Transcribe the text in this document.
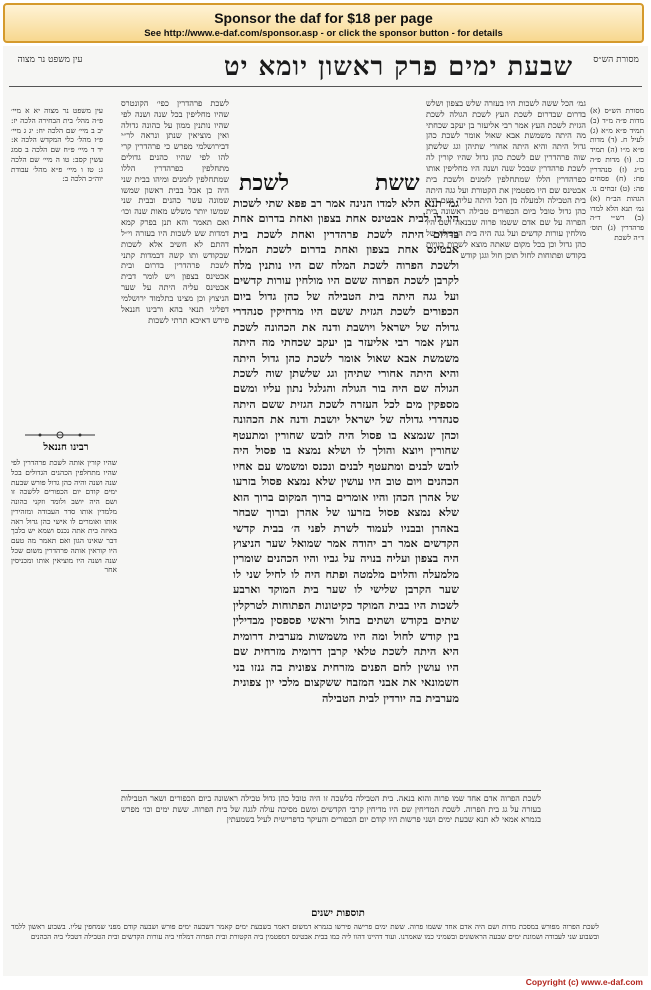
Sponsor the daf for $18 per page
See http://www.e-daf.com/sponsor.asp - or click the sponsor button - for details
שבעת ימים פרק ראשון יומא יט מסורת הש״ס
עין משפט נר מצוה
מסורת הש״ס (א) מדות פ״ה מ״ד (ב) תמיד פ״א מ״א (ג) לעיל ח. (ד) מדות פ״א מ״ו (ה) תמיד כז. (ו) מדות פ״ה מ״ג (ז) סנהדרין פח: (ח) פסחים פה: (ט) זבחים נו. הגהות הב״ח (א) גמ׳ תנא הלא למדו (ב) רש״י ד״ה פרהדרין (ג) תוס׳ ד״ה לשכת
גמ׳ הכל ששה לשכות היו בעזרה שלש בצפון ושלש בדרום שבדרום לשכת העץ לשכת הגולה לשכת הגזית לשכת העץ אמר רבי אליעזר בן יעקב שכחתי מה היתה משמשת אבא שאול אומר לשכת כהן גדול היתה והיא היתה אחורי שתיהן וגג שלשתן שוה פרהדרין שם לשכת כהן גדול שהיו קורין לה לשכת פרהדרין שבכל שנה ושנה היו מחליפין אותו כפרהדרין הללו שמתחלפין לזמנים ולשכת בית אבטינס שם היו מפטמין את הקטורת ועל גגה היתה בית הטבילה ולמעלה מן הכל היתה עליה ושם היה כהן גדול טובל ביום הכפורים טבילה ראשונה בית הפרוה על שם אדם ששמו פרוה שבנאה ושם היו מולחין עורות קדשים ועל גגה היה בית הטבילה של כהן גדול וכן בכל מקום שאתה מוצא לשכות בנויות בקודש ופתוחות לחול תוכן חול וגגן קודש
ששת
לשכת
גמ׳ תנא הלא למדו הנינה אמר רב פפא שתי לשכות היו לו לבית אבטינס אחת בצפון ואחת בדרום אחת בדרום היתה לשכת פרהדרין ואחת לשכת בית אבטינס אחת בצפון ואחת בדרום לשכת המלח ולשכת הפרוה לשכת המלח שם היו נותנין מלח לקרבן לשכת הפרוה ששם היו מולחין עורות קדשים ועל גגה היתה בית הטבילה של כהן גדול ביום הכפורים לשכת הגזית ששם היו מרחיקין סנהדרי גדולה של ישראל ויושבת ודנה את הכהונה לשכת העץ אמר רבי אליעזר בן יעקב שכחתי מה היתה משמשת אבא שאול אומר לשכת כהן גדול היתה והיא היתה אחורי שתיהן וגג שלשתן שוה לשכת הגולה שם היה בור הגולה והגלגל נתון עליו ומשם מספקין מים לכל העזרה לשכת הגזית ששם היתה סנהדרי גדולה של ישראל יושבת ודנה את הכהונה וכהן שנמצא בו פסול היה לובש שחורין ומתעטף שחורין ויוצא והולך לו ושלא נמצא בו פסול היה לובש לבנים ומתעטף לבנים ונכנס ומשמש עם אחיו הכהנים ויום טוב היו עושין שלא נמצא פסול בזרעו של אהרן הכהן והיו אומרים ברוך המקום ברוך הוא שלא נמצא פסול בזרעו של אהרן וברוך שבחר באהרן ובבניו לעמוד לשרת לפני ה׳ בבית קדשי הקדשים אמר רב יהודה אמר שמואל שער הניצוץ היה בצפון ועליה בנויה על גביו והיו הכהנים שומרין מלמעלה והלוים מלמטה ופתח היה לו לחיל שני לו שער הקרבן שלישי לו שער בית המוקד וארבע לשכות היו בבית המוקד כקיטונות הפתוחות לטרקלין שתים בקודש ושתים בחול וראשי פספסין מבדילין בין קודש לחול ומה היו משמשות מערבית דרומית היא היתה לשכת טלאי קרבן דרומית מזרחית שם היו עושין לחם הפנים מזרחית צפונית בה גנזו בני חשמונאי את אבני המזבח ששקצום מלכי יון צפונית מערבית בה יורדין לבית הטבילה
לשכת פרהדרין כפי׳ הקונטרס שהיו מחליפין בכל שנה ושנה לפי שהיו נותנין ממון על כהונה גדולה ואין מוציאין שנתן ונראה לר״י דבירושלמי מפרש כי פרהדרין קרי להו לפי שהיו כהנים גדולים מתחלפין כפרהדרין הללו שמתחלפין לזמנים ומיהו בבית שני היה כן אבל בבית ראשון שמשו שמונה עשר כהנים ובבית שני שמשו יותר משלש מאות שנה וכו׳ ואם תאמר והא תנן בפרק קמא דמדות שש לשכות היו בעזרה וי״ל דהתם לא חשיב אלא לשכות שבקודש ותו קשה דבמדות קתני לשכת פרהדרין בדרום ובית אבטינס בצפון ויש לומר דבית אבטינס עליה היתה על שער הניצוץ וכן מצינו בתלמוד ירושלמי דפליגי תנאי בהא ורבינו חננאל פירש דאיכא תרתי לשכות
עין משפט נר מצוה יא א מיי׳ פ״ה מהל׳ בית הבחירה הלכה יז: יב ב מיי׳ שם הלכה יח: יג ג מיי׳ פ״ז מהל׳ כלי המקדש הלכה א: יד ד מיי׳ פ״ח שם הלכה ב סמג עשין קסב: טו ה מיי׳ שם הלכה ג: טז ו מיי׳ פ״א מהל׳ עבודת יוה״כ הלכה ב:
רבינו חננאל
שהיו קורין אותה לשכת פרהדרין לפי שהיו מתחלפין הכהנים הגדולים בכל שנה ושנה והיה כהן גדול פורש שבעת ימים קודם יום הכפורים ללשכה זו ושם היה יושב ולומד וזקני כהונה מלמדין אותו סדר העבודה ומזהירין אותו ואומרים לו אישי כהן גדול ראה באיזה בית אתה נכנס ושמא יש בלבך דבר שאינו הגון ואם תאמר מה טעם היו קוראין אותה פרהדרין משום שכל שנה ושנה היו מוציאין אותו ומכניסין אחר
לשכת הפרוה אדם אחד שמו פרוה והוא בנאה. בית הטבילה בלשכה זו היה טובל כהן גדול טבילה ראשונה ביום הכפורים ושאר הטבילות בעזרה על גג בית הפרוה. לשכת המדיחין שם היו מדיחין קרבי הקדשים ומשם מסיבה עולה לגגה של בית הפרוה. ששת ימים וכו׳ מפרש בגמרא אמאי לא תנא שבעת ימים ושני פרשות היו קודם יום הכפורים והעיקר כדפרישית לעיל בשמעתין
תוספות ישנים
לשכת הפרוה מפורש במסכת מדות ושם היה אדם אחד ששמו פרוה. ששת ימים פרישה פירשו בגמרא דמשום דאמר בשבעת ימים קאמר דשבעה ימים פורש ושבעה קודם מפני שמחפין עליו. בשבוע ראשון ללמד ובשבוע שני לעבודה ושמונת ימים שבעה הראשונים ובשמיני כמו שאמרנו. ועוד דהיינו דהוו ליה כמו בבית אבטינס דמפטמין ביה הקטורת ובית הפרוה דמלחי ביה עורות הקדשים ובית הטבילה דטבלי ביה הכהנים
Copyright (c) www.e-daf.com
